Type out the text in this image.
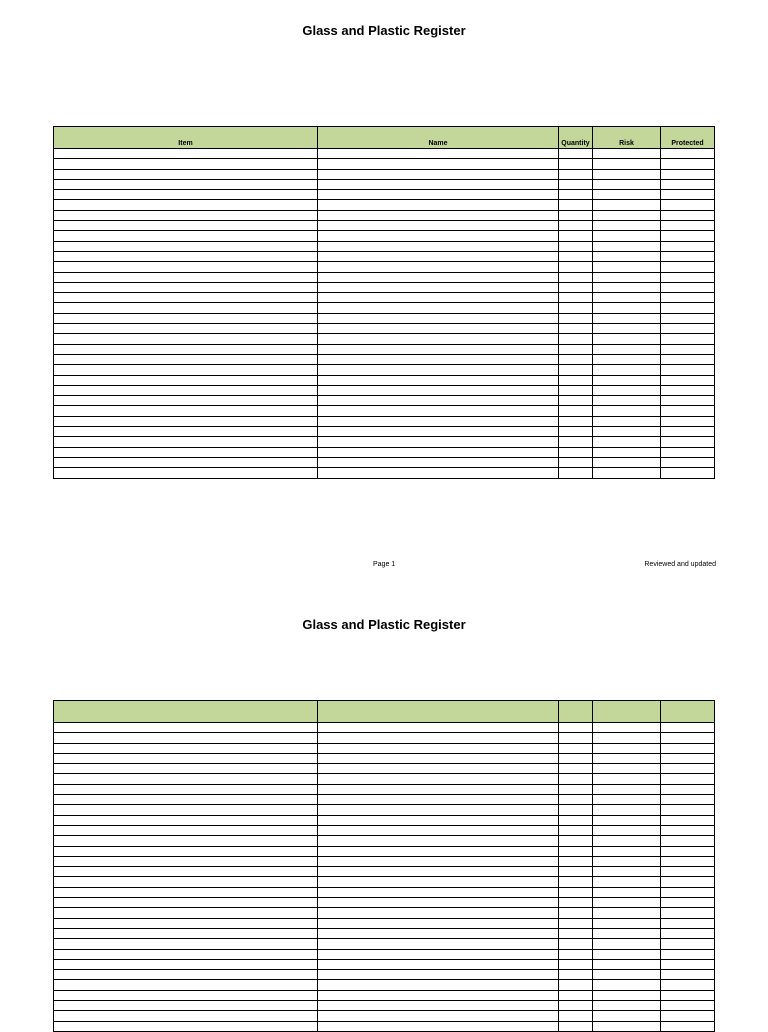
Glass and Plastic Register
Item	Name	Quantity	Risk	Protected

Page 1	Reviewed and updated

Glass and Plastic Register
